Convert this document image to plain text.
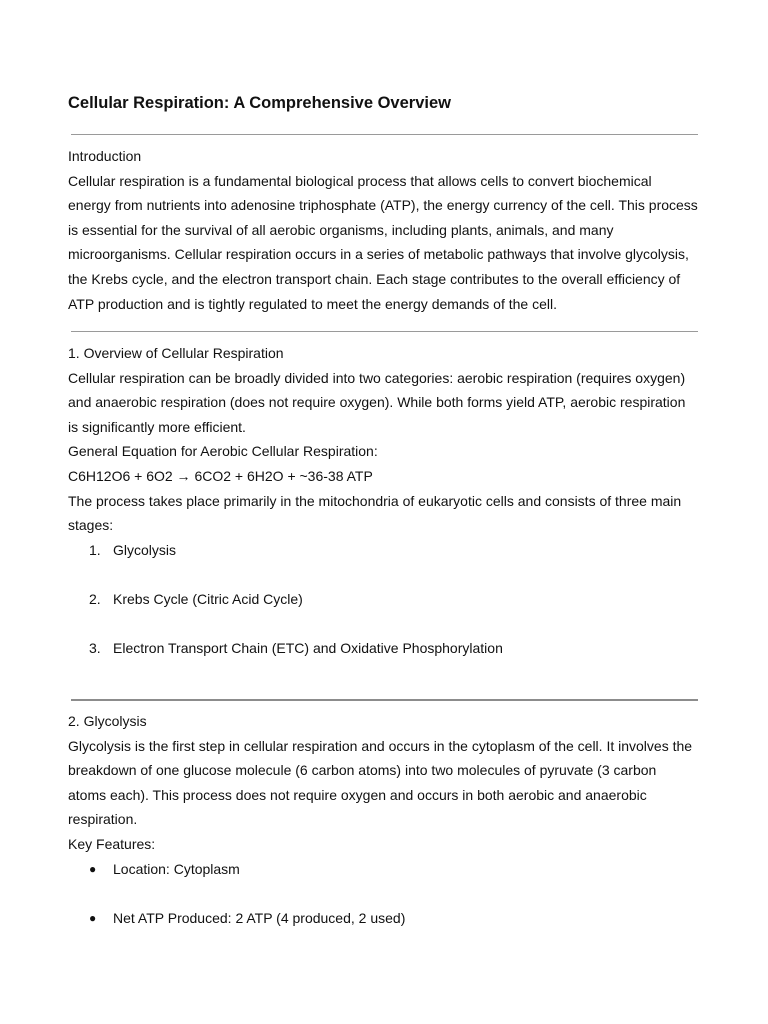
Cellular Respiration: A Comprehensive Overview

Introduction

Cellular respiration is a fundamental biological process that allows cells to convert biochemical energy from nutrients into adenosine triphosphate (ATP), the energy currency of the cell. This process is essential for the survival of all aerobic organisms, including plants, animals, and many microorganisms. Cellular respiration occurs in a series of metabolic pathways that involve glycolysis, the Krebs cycle, and the electron transport chain. Each stage contributes to the overall efficiency of ATP production and is tightly regulated to meet the energy demands of the cell.

1. Overview of Cellular Respiration

Cellular respiration can be broadly divided into two categories: aerobic respiration (requires oxygen) and anaerobic respiration (does not require oxygen). While both forms yield ATP, aerobic respiration is significantly more efficient.

General Equation for Aerobic Cellular Respiration:

C6H12O6 + 6O2 → 6CO2 + 6H2O + ~36-38 ATP

The process takes place primarily in the mitochondria of eukaryotic cells and consists of three main stages:

1. Glycolysis
2. Krebs Cycle (Citric Acid Cycle)
3. Electron Transport Chain (ETC) and Oxidative Phosphorylation

2. Glycolysis

Glycolysis is the first step in cellular respiration and occurs in the cytoplasm of the cell. It involves the breakdown of one glucose molecule (6 carbon atoms) into two molecules of pyruvate (3 carbon atoms each). This process does not require oxygen and occurs in both aerobic and anaerobic respiration.

Key Features:

● Location: Cytoplasm
● Net ATP Produced: 2 ATP (4 produced, 2 used)
